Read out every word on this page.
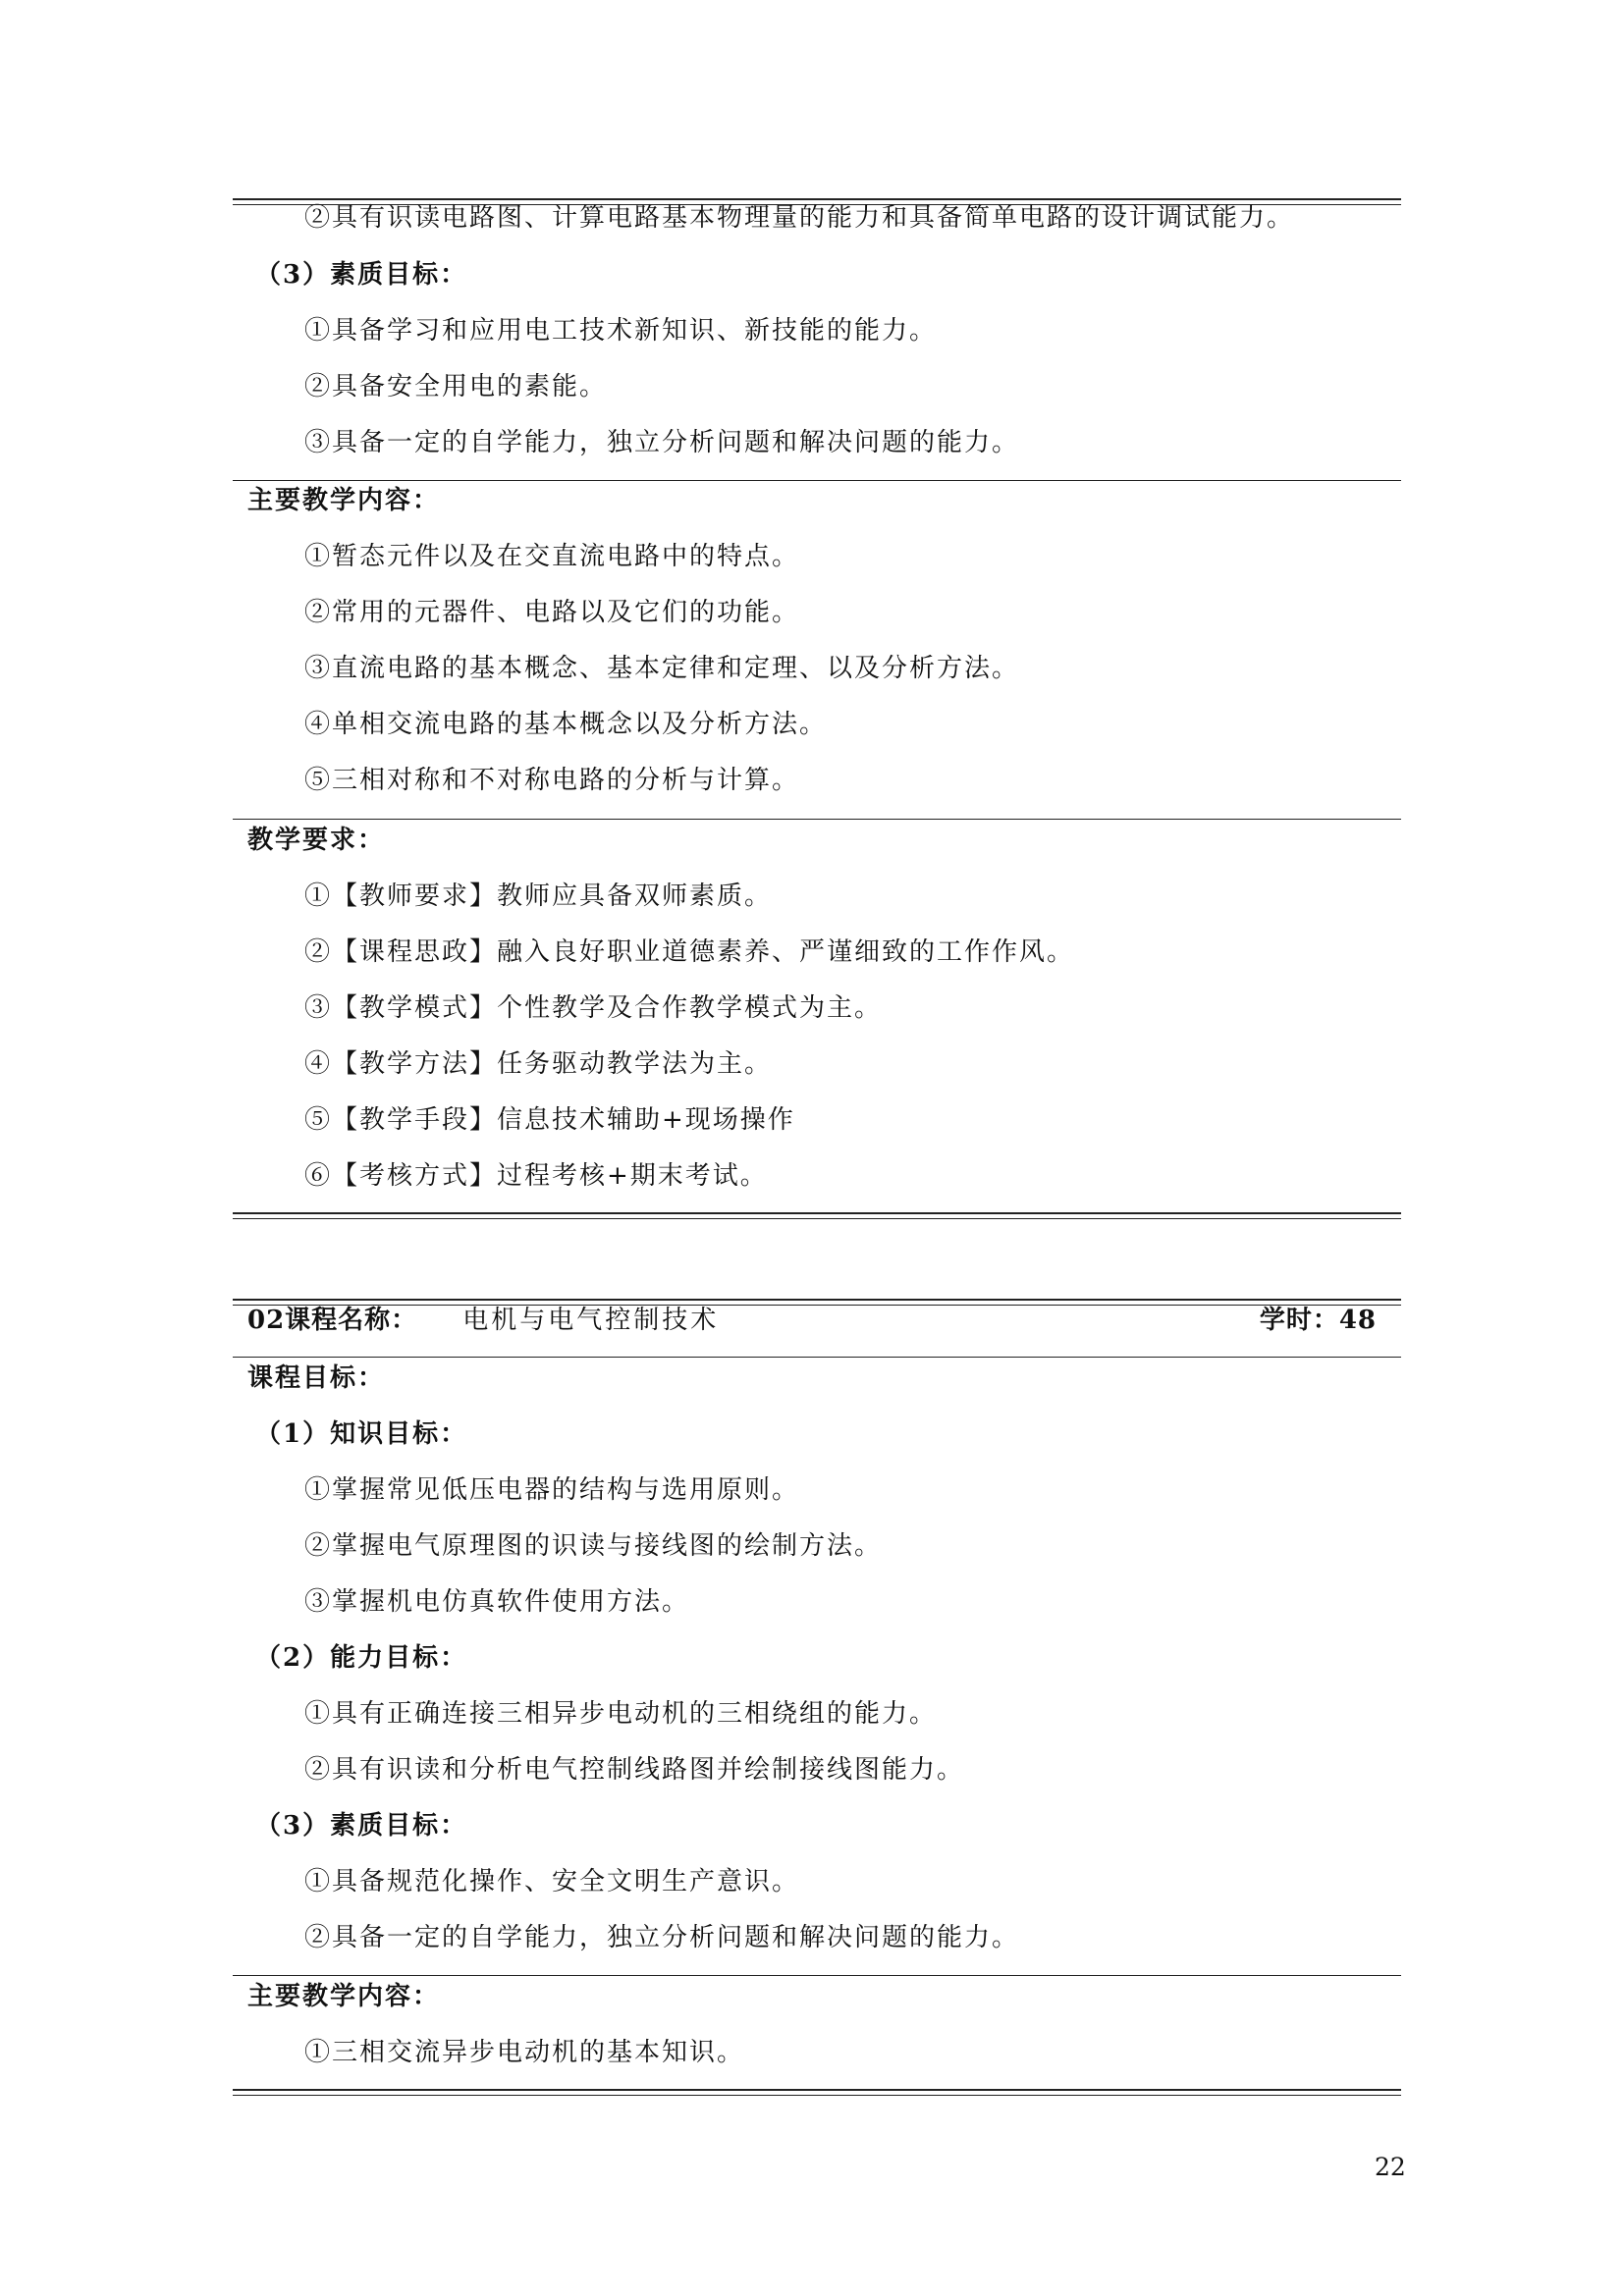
②具有识读电路图、计算电路基本物理量的能力和具备简单电路的设计调试能力。
（3）素质目标：
①具备学习和应用电工技术新知识、新技能的能力。
②具备安全用电的素能。
③具备一定的自学能力，独立分析问题和解决问题的能力。
主要教学内容：
①暂态元件以及在交直流电路中的特点。
②常用的元器件、电路以及它们的功能。
③直流电路的基本概念、基本定律和定理、以及分析方法。
④单相交流电路的基本概念以及分析方法。
⑤三相对称和不对称电路的分析与计算。
教学要求：
①【教师要求】教师应具备双师素质。
②【课程思政】融入良好职业道德素养、严谨细致的工作作风。
③【教学模式】个性教学及合作教学模式为主。
④【教学方法】任务驱动教学法为主。
⑤【教学手段】信息技术辅助+现场操作
⑥【考核方式】过程考核+期末考试。
02课程名称： 电机与电气控制技术	学时：48
课程目标：
（1）知识目标：
①掌握常见低压电器的结构与选用原则。
②掌握电气原理图的识读与接线图的绘制方法。
③掌握机电仿真软件使用方法。
（2）能力目标：
①具有正确连接三相异步电动机的三相绕组的能力。
②具有识读和分析电气控制线路图并绘制接线图能力。
（3）素质目标：
①具备规范化操作、安全文明生产意识。
②具备一定的自学能力，独立分析问题和解决问题的能力。
主要教学内容：
①三相交流异步电动机的基本知识。
22
